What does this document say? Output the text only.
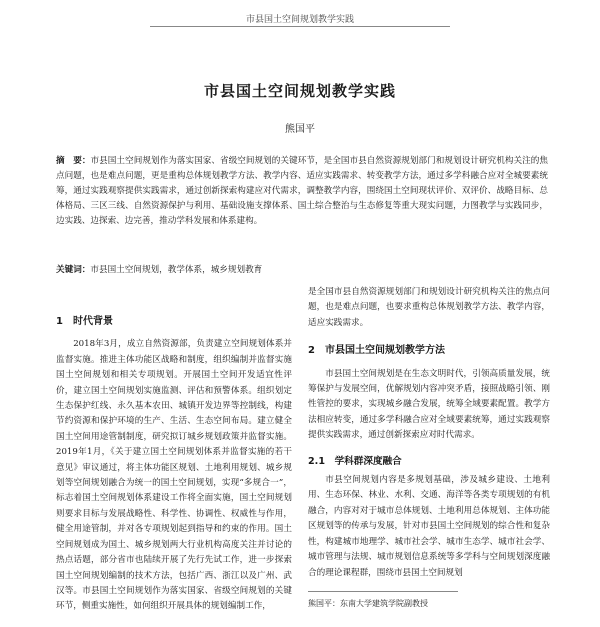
市县国土空间规划教学实践
市县国土空间规划教学实践
熊国平
摘　要：市县国土空间规划作为落实国家、省级空间规划的关键环节，是全国市县自然资源规划部门和规划设计研究机构关注的焦点问题，也是难点问题，更是重构总体规划教学方法、教学内容、适应实践需求、转变教学方法，通过多学科融合应对全城要素统筹，通过实践观察提供实践需求，通过创新探索构建应对代需求，调整教学内容，围绕国土空间现状评价、双评价、战略目标、总体格局、三区三线、自然资源保护与利用、基础设施支撑体系、国土综合整治与生态修复等重大现实问题，力图教学与实践同步，边实践、边探索、边完善，推动学科发展和体系建构。
关键词：市县国土空间规划，教学体系，城乡规划教育
1　时代背景

2018年3月，成立自然资源部，负责建立空间规划体系并监督实施。推进主体功能区战略和制度，组织编制并监督实施国土空间规划和相关专项规划。开展国土空间开发适宜性评价，建立国土空间规划实施监测、评估和预警体系。组织划定生态保护红线、永久基本农田、城镇开发边界等控制线，构建节约资源和保护环境的生产、生活、生态空间布局。建立健全国土空间用途管制制度，研究拟订城乡规划政策并监督实施。2019年1月，《关于建立国土空间规划体系并监督实施的若干意见》审议通过，将主体功能区规划、土地利用规划、城乡规划等空间规划融合为统一的国土空间规划，实现“多规合一”，标志着国土空间规划体系建设工作将全面实施，国土空间规划则要求目标与发展战略性、科学性、协调性、权威性与作用，健全用途管制，并对各专项规划起到指导和约束的作用。国土空间规划成为国土、城乡规划两大行业机构高度关注并讨论的热点话题，部分省市也陆续开展了先行先试工作，进一步探索国土空间规划编制的技术方法，包括广西、浙江以及广州、武汉等。市县国土空间规划作为落实国家、省级空间规划的关键环节，侧重实施性，如何组织开展具体的规划编制工作，

是全国市县自然资源规划部门和规划设计研究机构关注的焦点问题，也是难点问题，也要求重构总体规划教学方法、教学内容，适应实践需求。

2　市县国土空间规划教学方法

市县国土空间规划是在生态文明时代，引领高质量发展，统筹保护与发展空间，优解规划内容冲突矛盾，接照战略引领、刚性管控的要求，实现城乡融合发展，统筹全域要素配置。教学方法相应转变，通过多学科融合应对全域要素统筹，通过实践观察提供实践需求，通过创新探索应对时代需求。

2.1　学科群深度融合

市县空间规划内容是多规划基础，涉及城乡建设、土地利用、生态环保、林业、水利、交通、海洋等各类专项规划的有机融合，内容对对于城市总体规划、土地利用总体规划、主体功能区规划等的传承与发展，针对市县国土空间规划的综合性和复杂性，构建城市地理学、城市社会学、城市生态学、城市社会学、城市管理与法规、城市规划信息系统等多学科与空间规划深度融合的理论课程群，围绕市县国土空间规划

熊国平：东南大学建筑学院副教授
